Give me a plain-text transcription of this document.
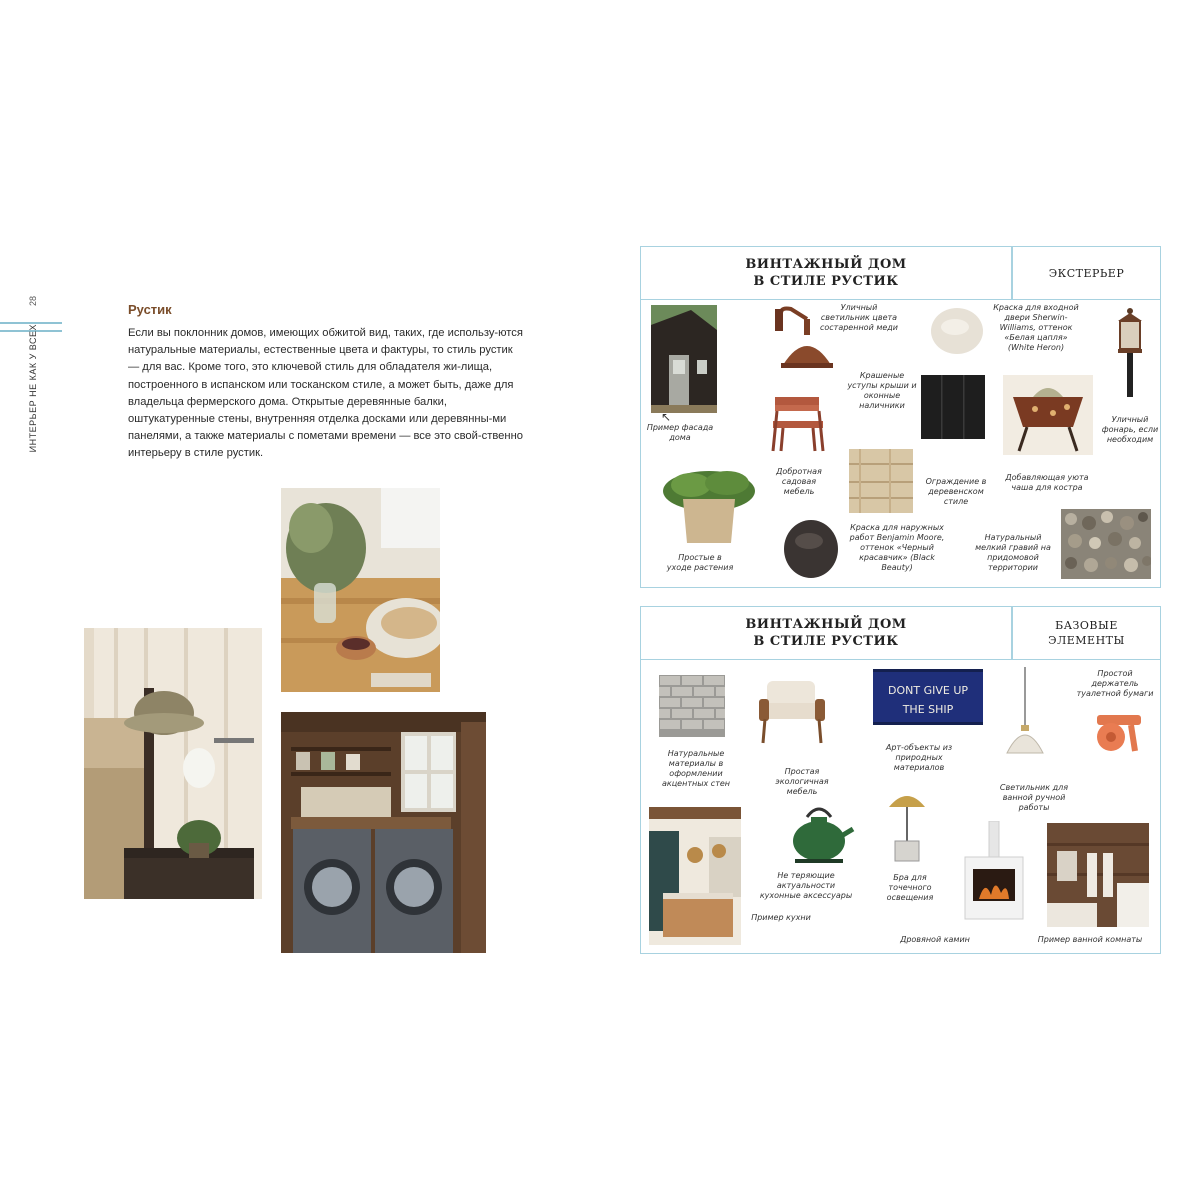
28
ИНТЕРЬЕР НЕ КАК У ВСЕХ
Рустик

Если вы поклонник домов, имеющих обжитой вид, таких, где использу-ются натуральные материалы, естественные цвета и фактуры, то стиль рустик — для вас. Кроме того, это ключевой стиль для обладателя жи-лища, построенного в испанском или тосканском стиле, а может быть, даже для владельца фермерского дома. Открытые деревянные балки, оштукатуренные стены, внутренняя отделка досками или деревянны-ми панелями, а также материалы с пометами времени — все это свой-ственно интерьеру в стиле рустик.

ВИНТАЖНЫЙ ДОМ
В СТИЛЕ РУСТИК
ЭКСТЕРЬЕР
Пример фасада дома
↖
Уличный светильник цвета состаренной меди
Краска для входной двери Sherwin-Williams, оттенок «Белая цапля» (White Heron)
Уличный фонарь, если необходим
Крашеные уступы крыши и оконные наличники
Добротная садовая мебель
Добавляющая уюта чаша для костра
Ограждение в деревенском стиле
Простые в уходе растения
Краска для наружных работ Benjamin Moore, оттенок «Черный красавчик» (Black Beauty)
Натуральный мелкий гравий на придомовой территории
ВИНТАЖНЫЙ ДОМ
В СТИЛЕ РУСТИК
БАЗОВЫЕ
ЭЛЕМЕНТЫ
Натуральные материалы в оформлении акцентных стен
Простая экологичная мебель
DONT GIVE UP
THE SHIP
Арт-объекты из природных материалов
Светильник для ванной ручной работы
Простой держатель туалетной бумаги
Пример кухни
Не теряющие актуальности кухонные аксессуары
Бра для точечного освещения
Дровяной камин	Пример ванной комнаты
